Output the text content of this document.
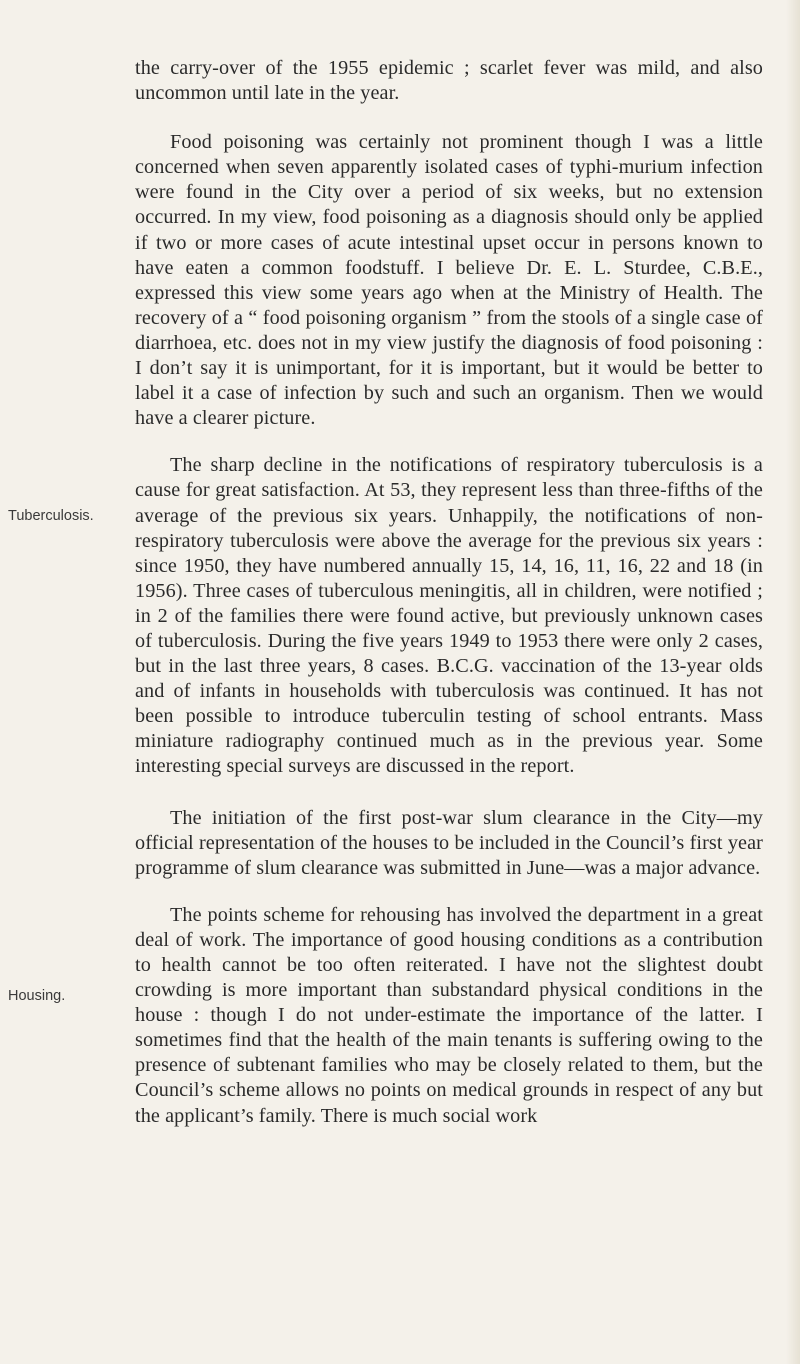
Tuberculosis.
Housing.

the carry-over of the 1955 epidemic ; scarlet fever was mild, and also uncommon until late in the year.

Food poisoning was certainly not prominent though I was a little concerned when seven apparently isolated cases of typhi-murium infection were found in the City over a period of six weeks, but no extension occurred. In my view, food poisoning as a diagnosis should only be applied if two or more cases of acute intestinal upset occur in persons known to have eaten a common foodstuff. I believe Dr. E. L. Sturdee, C.B.E., expressed this view some years ago when at the Ministry of Health. The recovery of a “ food poisoning organism ” from the stools of a single case of diarrhoea, etc. does not in my view justify the diagnosis of food poisoning : I don’t say it is unimportant, for it is important, but it would be better to label it a case of infection by such and such an organism. Then we would have a clearer picture.

The sharp decline in the notifications of respiratory tuberculosis is a cause for great satisfaction. At 53, they represent less than three-fifths of the average of the previous six years. Unhappily, the notifications of non-respiratory tuberculosis were above the average for the previous six years : since 1950, they have numbered annually 15, 14, 16, 11, 16, 22 and 18 (in 1956). Three cases of tuberculous meningitis, all in children, were notified ; in 2 of the families there were found active, but previously unknown cases of tuberculosis. During the five years 1949 to 1953 there were only 2 cases, but in the last three years, 8 cases. B.C.G. vaccination of the 13-year olds and of infants in households with tuberculosis was continued. It has not been possible to introduce tuberculin testing of school entrants. Mass miniature radiography continued much as in the previous year. Some interesting special surveys are discussed in the report.

The initiation of the first post-war slum clearance in the City—my official representation of the houses to be included in the Council’s first year programme of slum clearance was submitted in June—was a major advance.

The points scheme for rehousing has involved the department in a great deal of work. The importance of good housing conditions as a contribution to health cannot be too often reiterated. I have not the slightest doubt crowding is more important than substandard physical conditions in the house : though I do not under-estimate the importance of the latter. I sometimes find that the health of the main tenants is suffering owing to the presence of subtenant families who may be closely related to them, but the Council’s scheme allows no points on medical grounds in respect of any but the applicant’s family. There is much social work
